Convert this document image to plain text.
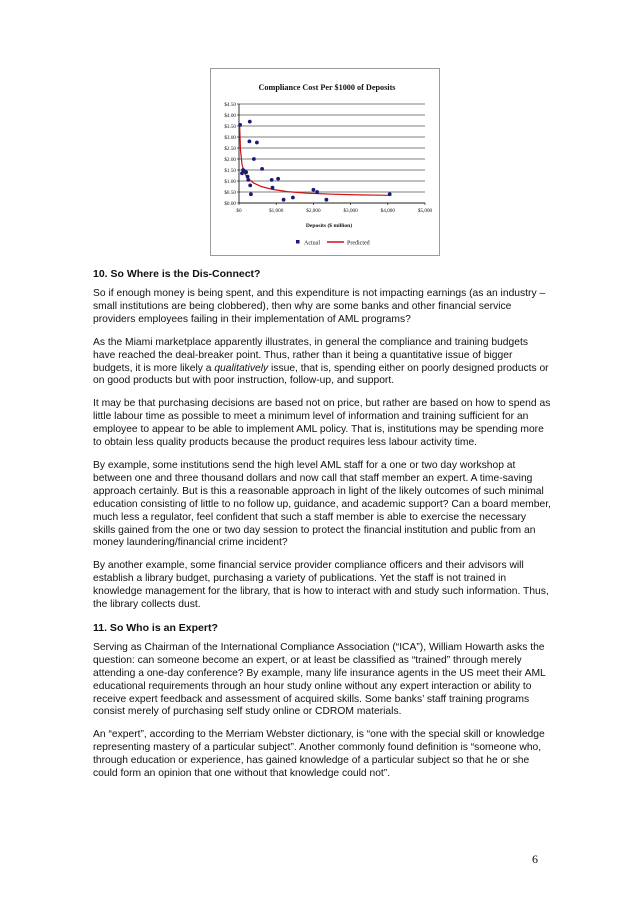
Compliance Cost Per $1000 of Deposits
$0.00
$0.50
$1.00
$1.50
$2.00
$2.50
$3.00
$3.50
$4.00
$4.50
$0	$1,000	$2,000	$3,000	$4,000	$5,000
Deposits ($ million)
Actual	Predicted
10. So Where is the Dis-Connect?

So if enough money is being spent, and this expenditure is not impacting earnings (as an industry – small institutions are being clobbered), then why are some banks and other financial service providers employees failing in their implementation of AML programs?

As the Miami marketplace apparently illustrates, in general the compliance and training budgets have reached the deal-breaker point. Thus, rather than it being a quantitative issue of bigger budgets, it is more likely a qualitatively issue, that is, spending either on poorly designed products or on good products but with poor instruction, follow-up, and support.

It may be that purchasing decisions are based not on price, but rather are based on how to spend as little labour time as possible to meet a minimum level of information and training sufficient for an employee to appear to be able to implement AML policy. That is, institutions may be spending more to obtain less quality products because the product requires less labour activity time.

By example, some institutions send the high level AML staff for a one or two day workshop at between one and three thousand dollars and now call that staff member an expert. A time-saving approach certainly. But is this a reasonable approach in light of the likely outcomes of such minimal education consisting of little to no follow up, guidance, and academic support? Can a board member, much less a regulator, feel confident that such a staff member is able to exercise the necessary skills gained from the one or two day session to protect the financial institution and public from an money laundering/financial crime incident?

By another example, some financial service provider compliance officers and their advisors will establish a library budget, purchasing a variety of publications. Yet the staff is not trained in knowledge management for the library, that is how to interact with and study such information. Thus, the library collects dust.

11. So Who is an Expert?

Serving as Chairman of the International Compliance Association (“ICA”), William Howarth asks the question: can someone become an expert, or at least be classified as “trained” through merely attending a one-day conference? By example, many life insurance agents in the US meet their AML educational requirements through an hour study online without any expert interaction or ability to receive expert feedback and assessment of acquired skills. Some banks’ staff training programs consist merely of purchasing self study online or CDROM materials.

An “expert”, according to the Merriam Webster dictionary, is “one with the special skill or knowledge representing mastery of a particular subject”. Another commonly found definition is “someone who, through education or experience, has gained knowledge of a particular subject so that he or she could form an opinion that one without that knowledge could not”.

6
